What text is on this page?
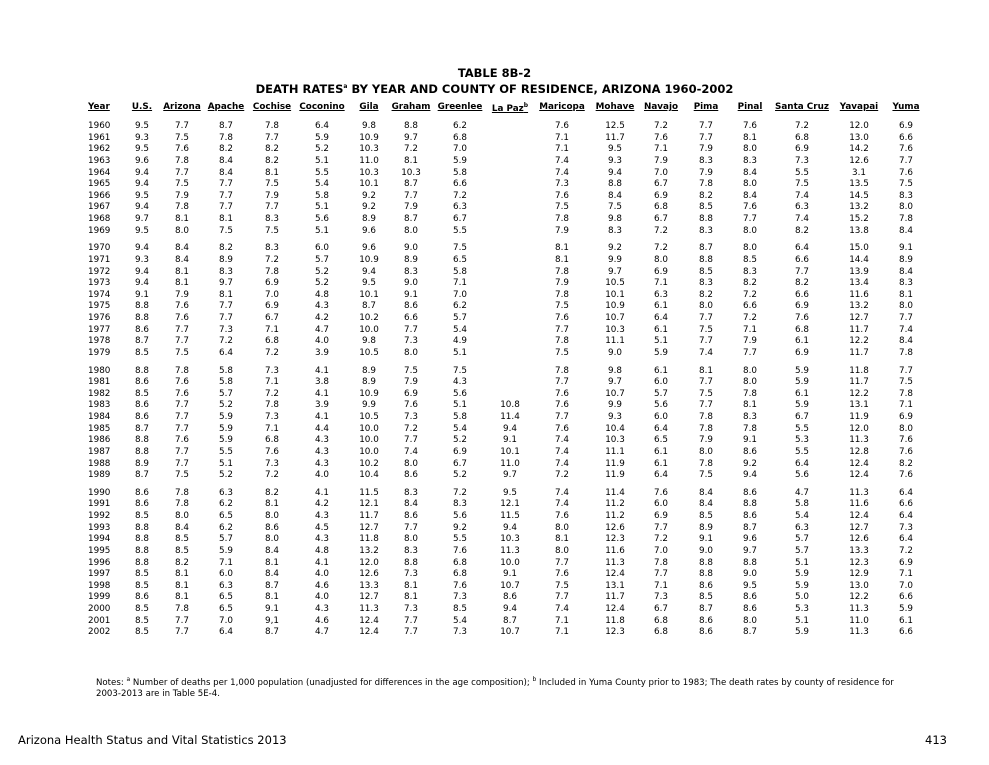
TABLE 8B-2
DEATH RATES$^a$ BY YEAR AND COUNTY OF RESIDENCE, ARIZONA 1960-2002
Year	U.S.	Arizona	Apache	Cochise	Coconino	Gila	Graham	Greenlee	La Paz$^b$	Maricopa	Mohave	Navajo	Pima	Pinal	Santa Cruz	Yavapai	Yuma
1960	9.5	7.7	8.7	7.8	6.4	9.8	8.8	6.2		7.6	12.5	7.2	7.7	7.6	7.2	12.0	6.9
1961	9.3	7.5	7.8	7.7	5.9	10.9	9.7	6.8		7.1	11.7	7.6	7.7	8.1	6.8	13.0	6.6
1962	9.5	7.6	8.2	8.2	5.2	10.3	7.2	7.0		7.1	9.5	7.1	7.9	8.0	6.9	14.2	7.6
1963	9.6	7.8	8.4	8.2	5.1	11.0	8.1	5.9		7.4	9.3	7.9	8.3	8.3	7.3	12.6	7.7
1964	9.4	7.7	8.4	8.1	5.5	10.3	10.3	5.8		7.4	9.4	7.0	7.9	8.4	5.5	3.1	7.6
1965	9.4	7.5	7.7	7.5	5.4	10.1	8.7	6.6		7.3	8.8	6.7	7.8	8.0	7.5	13.5	7.5
1966	9.5	7.9	7.7	7.9	5.8	9.2	7.7	7.2		7.6	8.4	6.9	8.2	8.4	7.4	14.5	8.3
1967	9.4	7.8	7.7	7.7	5.1	9.2	7.9	6.3		7.5	7.5	6.8	8.5	7.6	6.3	13.2	8.0
1968	9.7	8.1	8.1	8.3	5.6	8.9	8.7	6.7		7.8	9.8	6.7	8.8	7.7	7.4	15.2	7.8
1969	9.5	8.0	7.5	7.5	5.1	9.6	8.0	5.5		7.9	8.3	7.2	8.3	8.0	8.2	13.8	8.4

1970	9.4	8.4	8.2	8.3	6.0	9.6	9.0	7.5		8.1	9.2	7.2	8.7	8.0	6.4	15.0	9.1
1971	9.3	8.4	8.9	7.2	5.7	10.9	8.9	6.5		8.1	9.9	8.0	8.8	8.5	6.6	14.4	8.9
1972	9.4	8.1	8.3	7.8	5.2	9.4	8.3	5.8		7.8	9.7	6.9	8.5	8.3	7.7	13.9	8.4
1973	9.4	8.1	9.7	6.9	5.2	9.5	9.0	7.1		7.9	10.5	7.1	8.3	8.2	8.2	13.4	8.3
1974	9.1	7.9	8.1	7.0	4.8	10.1	9.1	7.0		7.8	10.1	6.3	8.2	7.2	6.6	11.6	8.1
1975	8.8	7.6	7.7	6.9	4.3	8.7	8.6	6.2		7.5	10.9	6.1	8.0	6.6	6.9	13.2	8.0
1976	8.8	7.6	7.7	6.7	4.2	10.2	6.6	5.7		7.6	10.7	6.4	7.7	7.2	7.6	12.7	7.7
1977	8.6	7.7	7.3	7.1	4.7	10.0	7.7	5.4		7.7	10.3	6.1	7.5	7.1	6.8	11.7	7.4
1978	8.7	7.7	7.2	6.8	4.0	9.8	7.3	4.9		7.8	11.1	5.1	7.7	7.9	6.1	12.2	8.4
1979	8.5	7.5	6.4	7.2	3.9	10.5	8.0	5.1		7.5	9.0	5.9	7.4	7.7	6.9	11.7	7.8

1980	8.8	7.8	5.8	7.3	4.1	8.9	7.5	7.5		7.8	9.8	6.1	8.1	8.0	5.9	11.8	7.7
1981	8.6	7.6	5.8	7.1	3.8	8.9	7.9	4.3		7.7	9.7	6.0	7.7	8.0	5.9	11.7	7.5
1982	8.5	7.6	5.7	7.2	4.1	10.9	6.9	5.6		7.6	10.7	5.7	7.5	7.8	6.1	12.2	7.8
1983	8.6	7.7	5.2	7.8	3.9	9.9	7.6	5.1	10.8	7.6	9.9	5.6	7.7	8.1	5.9	13.1	7.1
1984	8.6	7.7	5.9	7.3	4.1	10.5	7.3	5.8	11.4	7.7	9.3	6.0	7.8	8.3	6.7	11.9	6.9
1985	8.7	7.7	5.9	7.1	4.4	10.0	7.2	5.4	9.4	7.6	10.4	6.4	7.8	7.8	5.5	12.0	8.0
1986	8.8	7.6	5.9	6.8	4.3	10.0	7.7	5.2	9.1	7.4	10.3	6.5	7.9	9.1	5.3	11.3	7.6
1987	8.8	7.7	5.5	7.6	4.3	10.0	7.4	6.9	10.1	7.4	11.1	6.1	8.0	8.6	5.5	12.8	7.6
1988	8.9	7.7	5.1	7.3	4.3	10.2	8.0	6.7	11.0	7.4	11.9	6.1	7.8	9.2	6.4	12.4	8.2
1989	8.7	7.5	5.2	7.2	4.0	10.4	8.6	5.2	9.7	7.2	11.9	6.4	7.5	9.4	5.6	12.4	7.6

1990	8.6	7.8	6.3	8.2	4.1	11.5	8.3	7.2	9.5	7.4	11.4	7.6	8.4	8.6	4.7	11.3	6.4
1991	8.6	7.8	6.2	8.1	4.2	12.1	8.4	8.3	12.1	7.4	11.2	6.0	8.4	8.8	5.8	11.6	6.6
1992	8.5	8.0	6.5	8.0	4.3	11.7	8.6	5.6	11.5	7.6	11.2	6.9	8.5	8.6	5.4	12.4	6.4
1993	8.8	8.4	6.2	8.6	4.5	12.7	7.7	9.2	9.4	8.0	12.6	7.7	8.9	8.7	6.3	12.7	7.3
1994	8.8	8.5	5.7	8.0	4.3	11.8	8.0	5.5	10.3	8.1	12.3	7.2	9.1	9.6	5.7	12.6	6.4
1995	8.8	8.5	5.9	8.4	4.8	13.2	8.3	7.6	11.3	8.0	11.6	7.0	9.0	9.7	5.7	13.3	7.2
1996	8.8	8.2	7.1	8.1	4.1	12.0	8.8	6.8	10.0	7.7	11.3	7.8	8.8	8.8	5.1	12.3	6.9
1997	8.5	8.1	6.0	8.4	4.0	12.6	7.3	6.8	9.1	7.6	12.4	7.7	8.8	9.0	5.9	12.9	7.1
1998	8.5	8.1	6.3	8.7	4.6	13.3	8.1	7.6	10.7	7.5	13.1	7.1	8.6	9.5	5.9	13.0	7.0
1999	8.6	8.1	6.5	8.1	4.0	12.7	8.1	7.3	8.6	7.7	11.7	7.3	8.5	8.6	5.0	12.2	6.6
2000	8.5	7.8	6.5	9.1	4.3	11.3	7.3	8.5	9.4	7.4	12.4	6.7	8.7	8.6	5.3	11.3	5.9
2001	8.5	7.7	7.0	9,1	4.6	12.4	7.7	5.4	8.7	7.1	11.8	6.8	8.6	8.0	5.1	11.0	6.1
2002	8.5	7.7	6.4	8.7	4.7	12.4	7.7	7.3	10.7	7.1	12.3	6.8	8.6	8.7	5.9	11.3	6.6
Notes: $^a$ Number of deaths per 1,000 population (unadjusted for differences in the age composition); $^b$ Included in Yuma County prior to 1983; The death rates by county of residence for 2003-2013 are in Table 5E-4.
Arizona Health Status and Vital Statistics 2013	413
